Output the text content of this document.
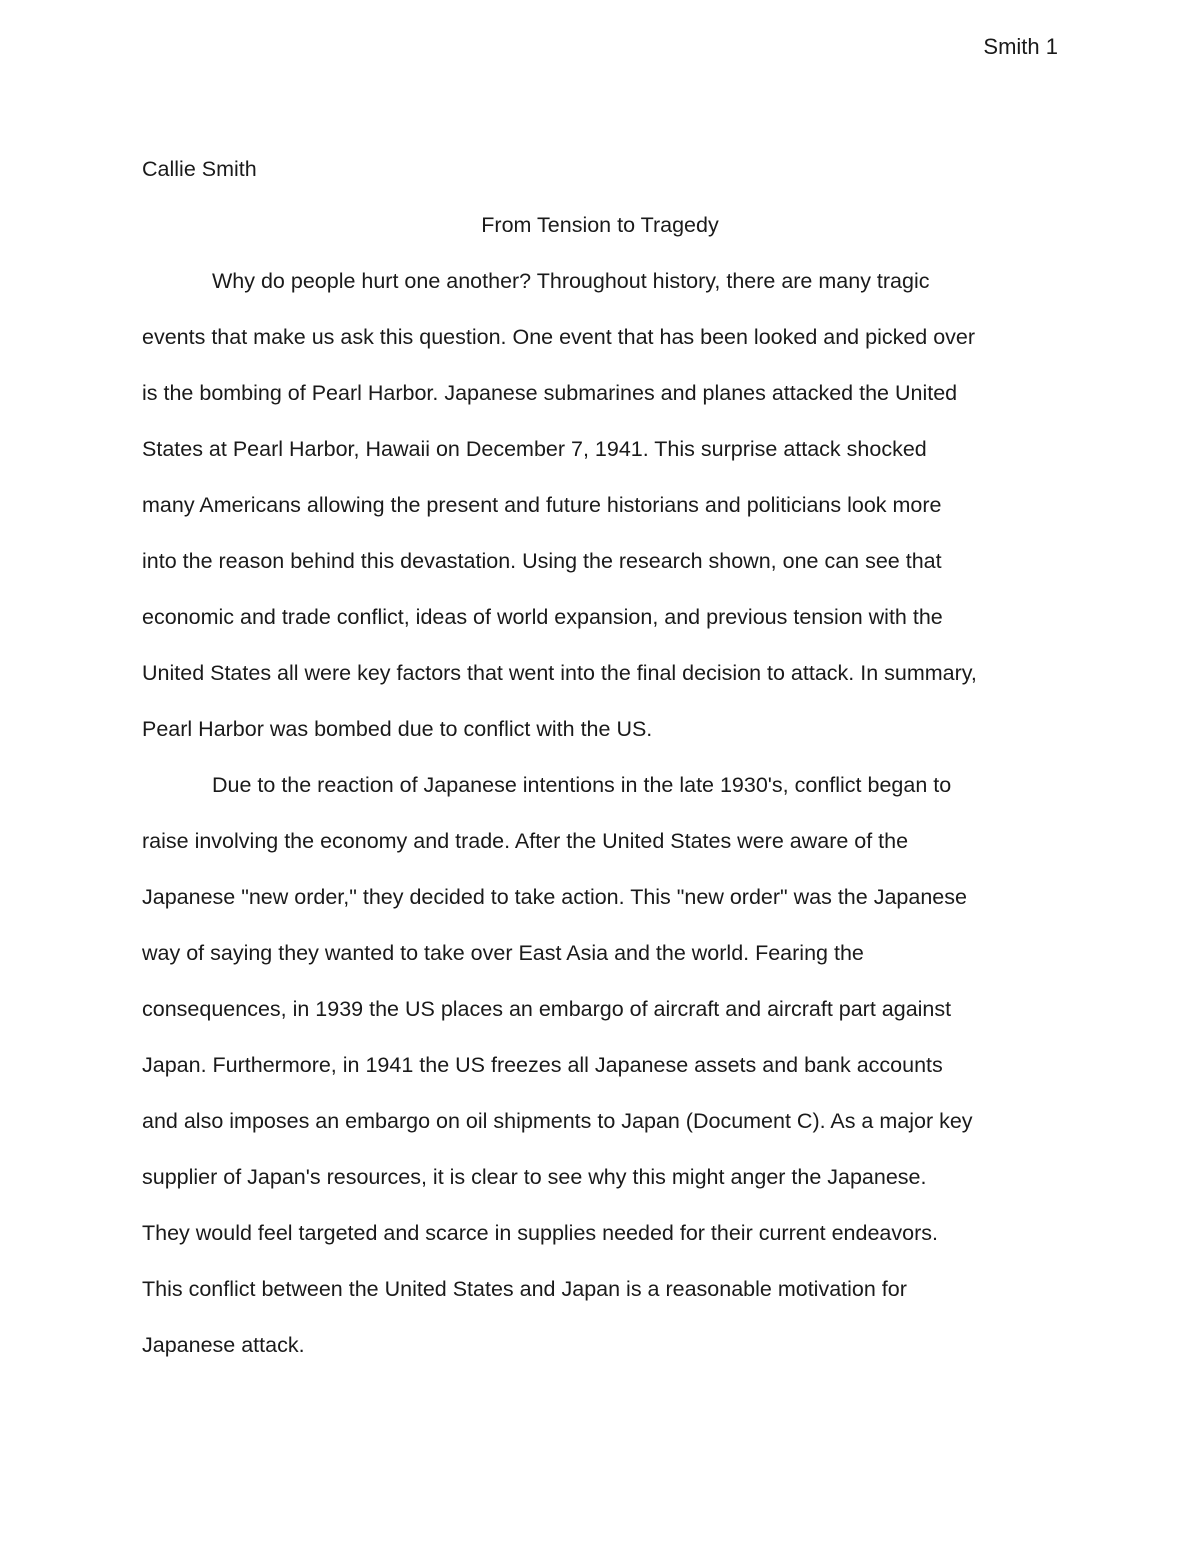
Smith 1

Callie Smith

From Tension to Tragedy

Why do people hurt one another? Throughout history, there are many tragic
events that make us ask this question. One event that has been looked and picked over
is the bombing of Pearl Harbor. Japanese submarines and planes attacked the United
States at Pearl Harbor, Hawaii on December 7, 1941. This surprise attack shocked
many Americans allowing the present and future historians and politicians look more
into the reason behind this devastation. Using the research shown, one can see that
economic and trade conflict, ideas of world expansion, and previous tension with the
United States all were key factors that went into the final decision to attack. In summary,
Pearl Harbor was bombed due to conflict with the US.
Due to the reaction of Japanese intentions in the late 1930's, conflict began to
raise involving the economy and trade. After the United States were aware of the
Japanese "new order," they decided to take action. This "new order" was the Japanese
way of saying they wanted to take over East Asia and the world. Fearing the
consequences, in 1939 the US places an embargo of aircraft and aircraft part against
Japan. Furthermore, in 1941 the US freezes all Japanese assets and bank accounts
and also imposes an embargo on oil shipments to Japan (Document C). As a major key
supplier of Japan's resources, it is clear to see why this might anger the Japanese.
They would feel targeted and scarce in supplies needed for their current endeavors.
This conflict between the United States and Japan is a reasonable motivation for
Japanese attack.
